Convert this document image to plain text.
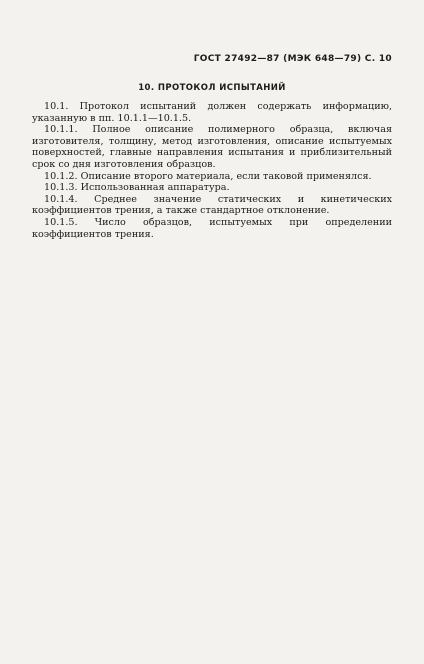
ГОСТ 27492—87 (МЭК 648—79) С. 10
10. ПРОТОКОЛ ИСПЫТАНИЙ

10.1. Протокол испытаний должен содержать информацию, указанную в пп. 10.1.1—10.1.5.

10.1.1. Полное описание полимерного образца, включая изготовителя, толщину, метод изготовления, описание испытуемых поверхностей, главные направления испытания и приблизительный срок со дня изготовления образцов.

10.1.2. Описание второго материала, если таковой применялся.

10.1.3. Использованная аппаратура.

10.1.4. Среднее значение статических и кинетических коэффициентов трения, а также стандартное отклонение.

10.1.5. Число образцов, испытуемых при определении коэффициентов трения.
